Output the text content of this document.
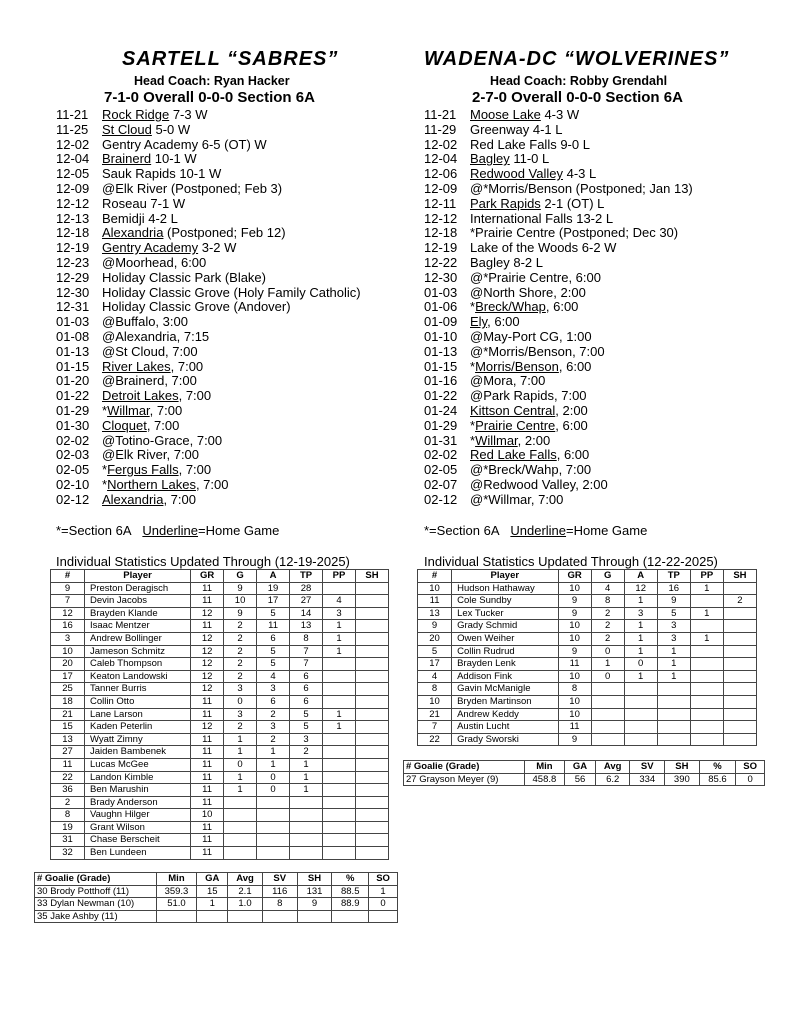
SARTELL “SABRES”
Head Coach: Ryan Hacker
7-1-0 Overall 0-0-0 Section 6A
11-21 Rock Ridge 7-3 W
11-25 St Cloud 5-0 W
12-02 Gentry Academy 6-5 (OT) W
12-04 Brainerd 10-1 W
12-05 Sauk Rapids 10-1 W
12-09 @Elk River (Postponed; Feb 3)
12-12 Roseau 7-1 W
12-13 Bemidji 4-2 L
12-18 Alexandria (Postponed; Feb 12)
12-19 Gentry Academy 3-2 W
12-23 @Moorhead, 6:00
12-29 Holiday Classic Park (Blake)
12-30 Holiday Classic Grove (Holy Family Catholic)
12-31 Holiday Classic Grove (Andover)
01-03 @Buffalo, 3:00
01-08 @Alexandria, 7:15
01-13 @St Cloud, 7:00
01-15 River Lakes, 7:00
01-20 @Brainerd, 7:00
01-22 Detroit Lakes, 7:00
01-29 *Willmar, 7:00
01-30 Cloquet, 7:00
02-02 @Totino-Grace, 7:00
02-03 @Elk River, 7:00
02-05 *Fergus Falls, 7:00
02-10 *Northern Lakes, 7:00
02-12 Alexandria, 7:00
*=Section 6A Underline=Home Game
Individual Statistics Updated Through (12-19-2025)
#	Player	GR	G	A	TP	PP	SH
9	Preston Deragisch	11	9	19	28		
7	Devin Jacobs	11	10	17	27	4	
12	Brayden Klande	12	9	5	14	3	
16	Isaac Mentzer	11	2	11	13	1	
3	Andrew Bollinger	12	2	6	8	1	
10	Jameson Schmitz	12	2	5	7	1	
20	Caleb Thompson	12	2	5	7		
17	Keaton Landowski	12	2	4	6		
25	Tanner Burris	12	3	3	6		
18	Collin Otto	11	0	6	6		
21	Lane Larson	11	3	2	5	1	
15	Kaden Peterlin	12	2	3	5	1	
13	Wyatt Zimny	11	1	2	3		
27	Jaiden Bambenek	11	1	1	2		
11	Lucas McGee	11	0	1	1		
22	Landon Kimble	11	1	0	1		
36	Ben Marushin	11	1	0	1		
2	Brady Anderson	11					
8	Vaughn Hilger	10					
19	Grant Wilson	11					
31	Chase Berscheit	11					
32	Ben Lundeen	11					
# Goalie (Grade)	Min	GA	Avg	SV	SH	%	SO
30 Brody Potthoff (11)	359.3	15	2.1	116	131	88.5	1
33 Dylan Newman (10)	51.0	1	1.0	8	9	88.9	0
35 Jake Ashby (11)							
WADENA-DC “WOLVERINES”
Head Coach: Robby Grendahl
2-7-0 Overall 0-0-0 Section 6A
11-21 Moose Lake 4-3 W
11-29 Greenway 4-1 L
12-02 Red Lake Falls 9-0 L
12-04 Bagley 11-0 L
12-06 Redwood Valley 4-3 L
12-09 @*Morris/Benson (Postponed; Jan 13)
12-11 Park Rapids 2-1 (OT) L
12-12 International Falls 13-2 L
12-18 *Prairie Centre (Postponed; Dec 30)
12-19 Lake of the Woods 6-2 W
12-22 Bagley 8-2 L
12-30 @*Prairie Centre, 6:00
01-03 @North Shore, 2:00
01-06 *Breck/Whap, 6:00
01-09 Ely, 6:00
01-10 @May-Port CG, 1:00
01-13 @*Morris/Benson, 7:00
01-15 *Morris/Benson, 6:00
01-16 @Mora, 7:00
01-22 @Park Rapids, 7:00
01-24 Kittson Central, 2:00
01-29 *Prairie Centre, 6:00
01-31 *Willmar, 2:00
02-02 Red Lake Falls, 6:00
02-05 @*Breck/Wahp, 7:00
02-07 @Redwood Valley, 2:00
02-12 @*Willmar, 7:00
*=Section 6A Underline=Home Game
Individual Statistics Updated Through (12-22-2025)
#	Player	GR	G	A	TP	PP	SH
10	Hudson Hathaway	10	4	12	16	1	
11	Cole Sundby	9	8	1	9		2
13	Lex Tucker	9	2	3	5	1	
9	Grady Schmid	10	2	1	3		
20	Owen Weiher	10	2	1	3	1	
5	Collin Rudrud	9	0	1	1		
17	Brayden Lenk	11	1	0	1		
4	Addison Fink	10	0	1	1		
8	Gavin McManigle	8					
10	Bryden Martinson	10					
21	Andrew Keddy	10					
7	Austin Lucht	11					
22	Grady Sworski	9					
# Goalie (Grade)	Min	GA	Avg	SV	SH	%	SO
27 Grayson Meyer (9)	458.8	56	6.2	334	390	85.6	0
